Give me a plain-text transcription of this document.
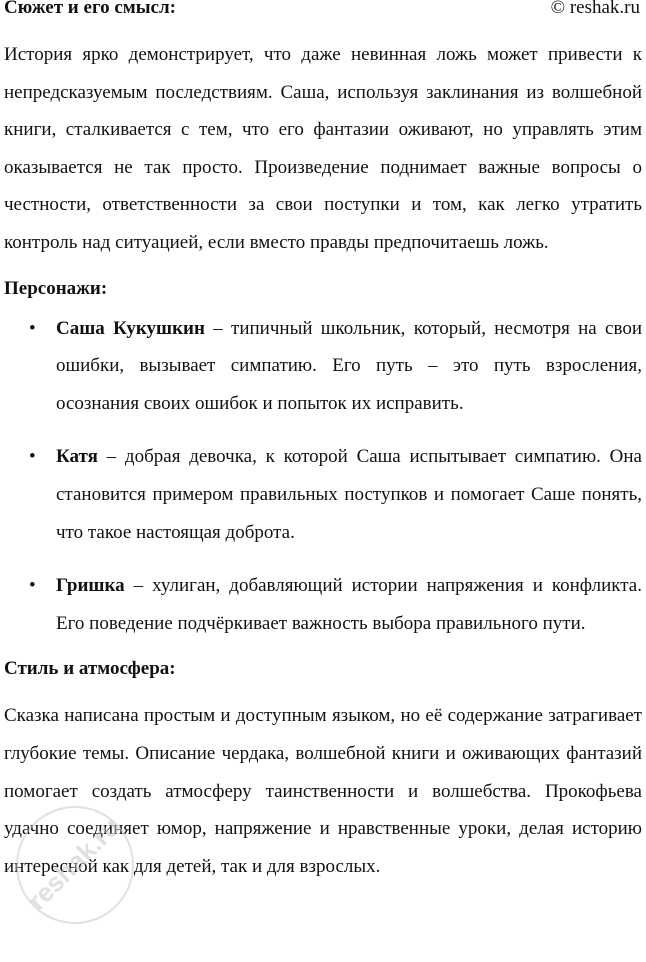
Сюжет и его смысл:	© reshak.ru

История ярко демонстрирует, что даже невинная ложь может привести к непредсказуемым последствиям. Саша, используя заклинания из волшебной книги, сталкивается с тем, что его фантазии оживают, но управлять этим оказывается не так просто. Произведение поднимает важные вопросы о честности, ответственности за свои поступки и том, как легко утратить контроль над ситуацией, если вместо правды предпочитаешь ложь.

Персонажи:
• Саша Кукушкин – типичный школьник, который, несмотря на свои ошибки, вызывает симпатию. Его путь – это путь взросления, осознания своих ошибок и попыток их исправить.

• Катя – добрая девочка, к которой Саша испытывает симпатию. Она становится примером правильных поступков и помогает Саше понять, что такое настоящая доброта.

• Гришка – хулиган, добавляющий истории напряжения и конфликта. Его поведение подчёркивает важность выбора правильного пути.

Стиль и атмосфера:

Сказка написана простым и доступным языком, но её содержание затрагивает глубокие темы. Описание чердака, волшебной книги и оживающих фантазий помогает создать атмосферу таинственности и волшебства. Прокофьева удачно соединяет юмор, напряжение и нравственные уроки, делая историю интересной как для детей, так и для взрослых.

reshak.ru
